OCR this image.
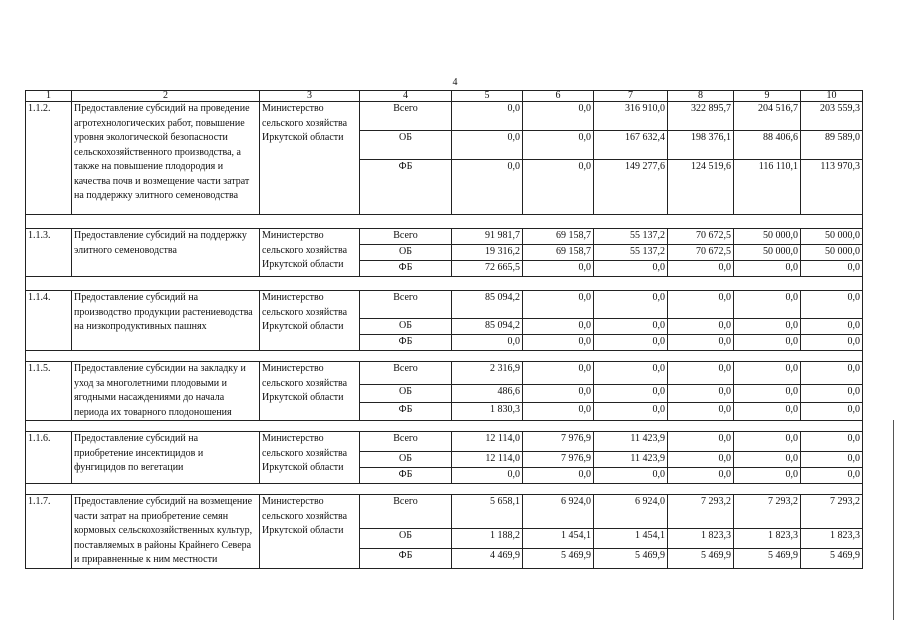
4
1	2	3	4	5	6	7	8	9	10
1.1.2.	Предоставление субсидий на проведение агротехнологических работ, повышение уровня экологической безопасности сельскохозяйственного производства, а также на повышение плодородия и качества почв и возмещение части затрат на поддержку элитного семеноводства	Министерство сельского хозяйства Иркутской области	Всего	0,0	0,0	316 910,0	322 895,7	204 516,7	203 559,3
			ОБ	0,0	0,0	167 632,4	198 376,1	88 406,6	89 589,0
			ФБ	0,0	0,0	149 277,6	124 519,6	116 110,1	113 970,3

1.1.3.	Предоставление субсидий на поддержку элитного семеноводства	Министерство сельского хозяйства Иркутской области	Всего	91 981,7	69 158,7	55 137,2	70 672,5	50 000,0	50 000,0
			ОБ	19 316,2	69 158,7	55 137,2	70 672,5	50 000,0	50 000,0
			ФБ	72 665,5	0,0	0,0	0,0	0,0	0,0

1.1.4.	Предоставление субсидий на производство продукции растениеводства на низкопродуктивных пашнях	Министерство сельского хозяйства Иркутской области	Всего	85 094,2	0,0	0,0	0,0	0,0	0,0
			ОБ	85 094,2	0,0	0,0	0,0	0,0	0,0
			ФБ	0,0	0,0	0,0	0,0	0,0	0,0

1.1.5.	Предоставление субсидии на закладку и уход за многолетними плодовыми и ягодными насаждениями до начала периода их товарного плодоношения	Министерство сельского хозяйства Иркутской области	Всего	2 316,9	0,0	0,0	0,0	0,0	0,0
			ОБ	486,6	0,0	0,0	0,0	0,0	0,0
			ФБ	1 830,3	0,0	0,0	0,0	0,0	0,0

1.1.6.	Предоставление субсидий на приобретение инсектицидов и фунгицидов по вегетации	Министерство сельского хозяйства Иркутской области	Всего	12 114,0	7 976,9	11 423,9	0,0	0,0	0,0
			ОБ	12 114,0	7 976,9	11 423,9	0,0	0,0	0,0
			ФБ	0,0	0,0	0,0	0,0	0,0	0,0

1.1.7.	Предоставление субсидий на возмещение части затрат на приобретение семян кормовых сельскохозяйственных культур, поставляемых в районы Крайнего Севера и приравненные к ним местности	Министерство сельского хозяйства Иркутской области	Всего	5 658,1	6 924,0	6 924,0	7 293,2	7 293,2	7 293,2
			ОБ	1 188,2	1 454,1	1 454,1	1 823,3	1 823,3	1 823,3
			ФБ	4 469,9	5 469,9	5 469,9	5 469,9	5 469,9	5 469,9
